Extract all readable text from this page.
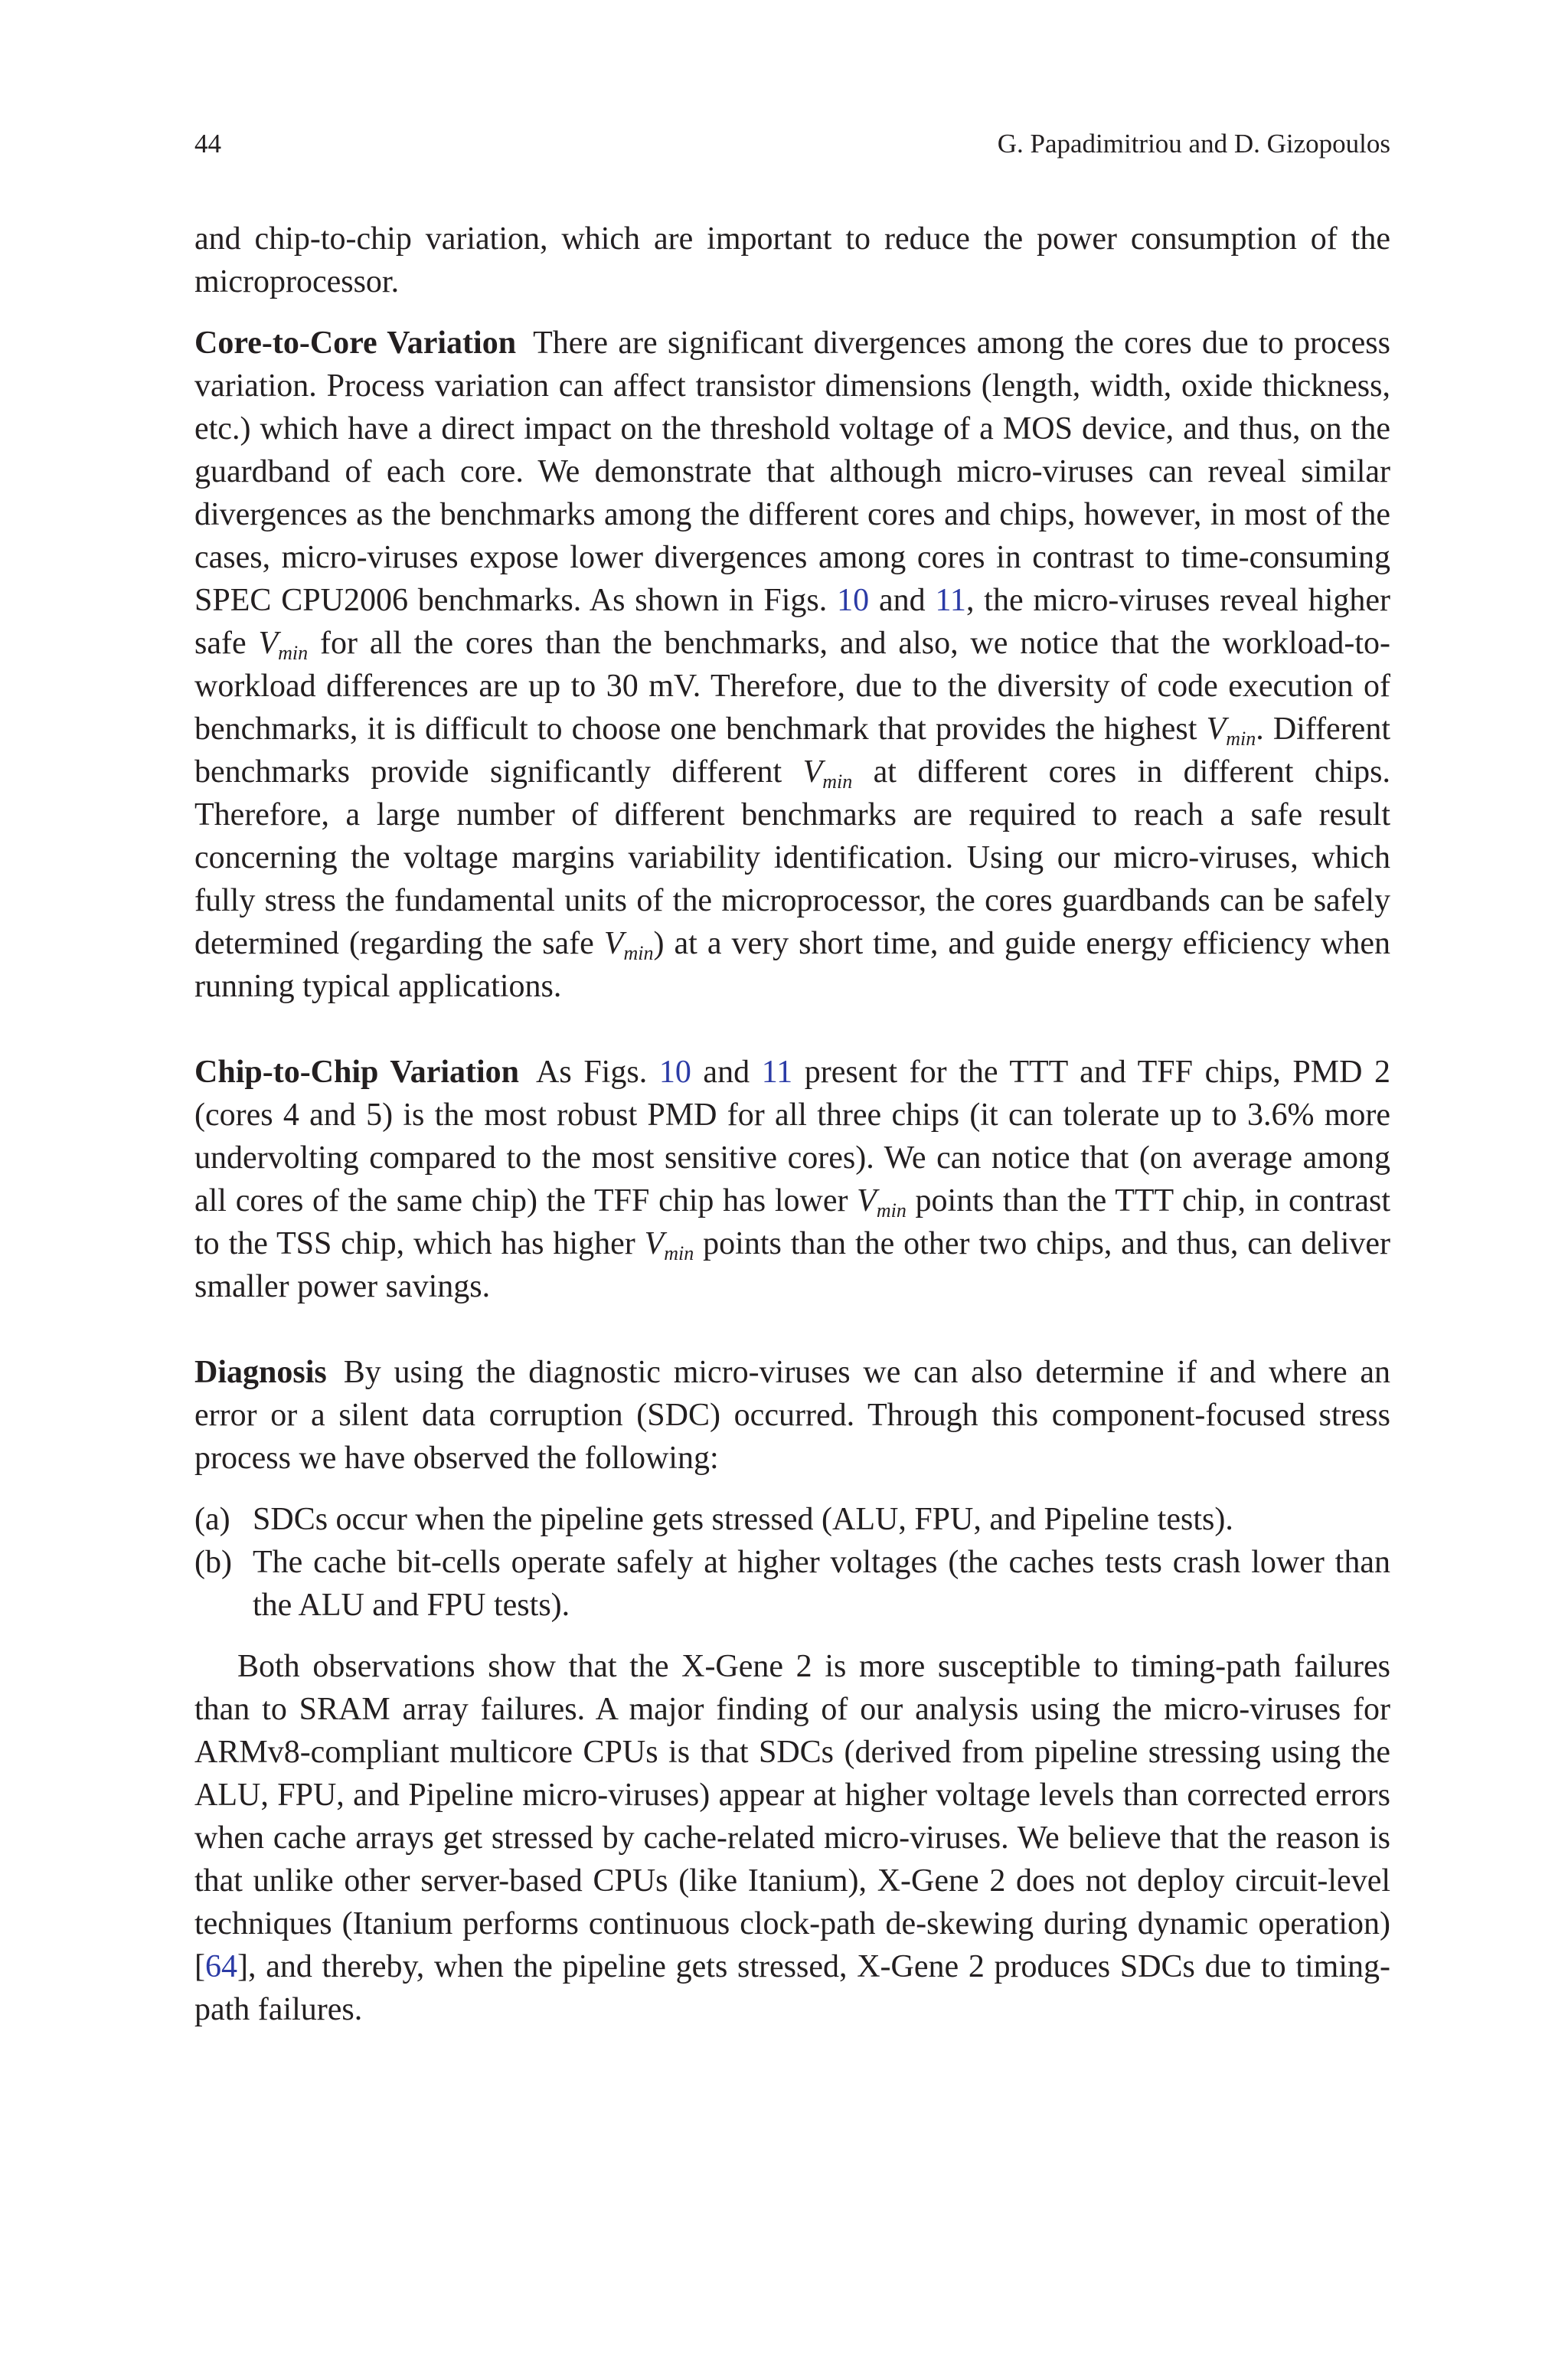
44	G. Papadimitriou and D. Gizopoulos

and chip-to-chip variation, which are important to reduce the power consumption of the microprocessor.

Core-to-Core Variation There are significant divergences among the cores due to process variation. Process variation can affect transistor dimensions (length, width, oxide thickness, etc.) which have a direct impact on the threshold voltage of a MOS device, and thus, on the guardband of each core. We demonstrate that although micro-viruses can reveal similar divergences as the benchmarks among the different cores and chips, however, in most of the cases, micro-viruses expose lower divergences among cores in contrast to time-consuming SPEC CPU2006 benchmarks. As shown in Figs. 10 and 11, the micro-viruses reveal higher safe $V_{min}$ for all the cores than the benchmarks, and also, we notice that the workload-to-workload differences are up to 30 mV. Therefore, due to the diversity of code execution of benchmarks, it is difficult to choose one benchmark that provides the highest $V_{min}$. Different benchmarks provide significantly different $V_{min}$ at different cores in different chips. Therefore, a large number of different benchmarks are required to reach a safe result concerning the voltage margins variability identification. Using our micro-viruses, which fully stress the fundamental units of the microprocessor, the cores guardbands can be safely determined (regarding the safe $V_{min}$) at a very short time, and guide energy efficiency when running typical applications.

Chip-to-Chip Variation As Figs. 10 and 11 present for the TTT and TFF chips, PMD 2 (cores 4 and 5) is the most robust PMD for all three chips (it can tolerate up to 3.6% more undervolting compared to the most sensitive cores). We can notice that (on average among all cores of the same chip) the TFF chip has lower $V_{min}$ points than the TTT chip, in contrast to the TSS chip, which has higher $V_{min}$ points than the other two chips, and thus, can deliver smaller power savings.

Diagnosis By using the diagnostic micro-viruses we can also determine if and where an error or a silent data corruption (SDC) occurred. Through this component-focused stress process we have observed the following:

(a) SDCs occur when the pipeline gets stressed (ALU, FPU, and Pipeline tests).
(b) The cache bit-cells operate safely at higher voltages (the caches tests crash lower than the ALU and FPU tests).

Both observations show that the X-Gene 2 is more susceptible to timing-path failures than to SRAM array failures. A major finding of our analysis using the micro-viruses for ARMv8-compliant multicore CPUs is that SDCs (derived from pipeline stressing using the ALU, FPU, and Pipeline micro-viruses) appear at higher voltage levels than corrected errors when cache arrays get stressed by cache-related micro-viruses. We believe that the reason is that unlike other server-based CPUs (like Itanium), X-Gene 2 does not deploy circuit-level techniques (Itanium performs continuous clock-path de-skewing during dynamic operation) [64], and thereby, when the pipeline gets stressed, X-Gene 2 produces SDCs due to timing-path failures.
